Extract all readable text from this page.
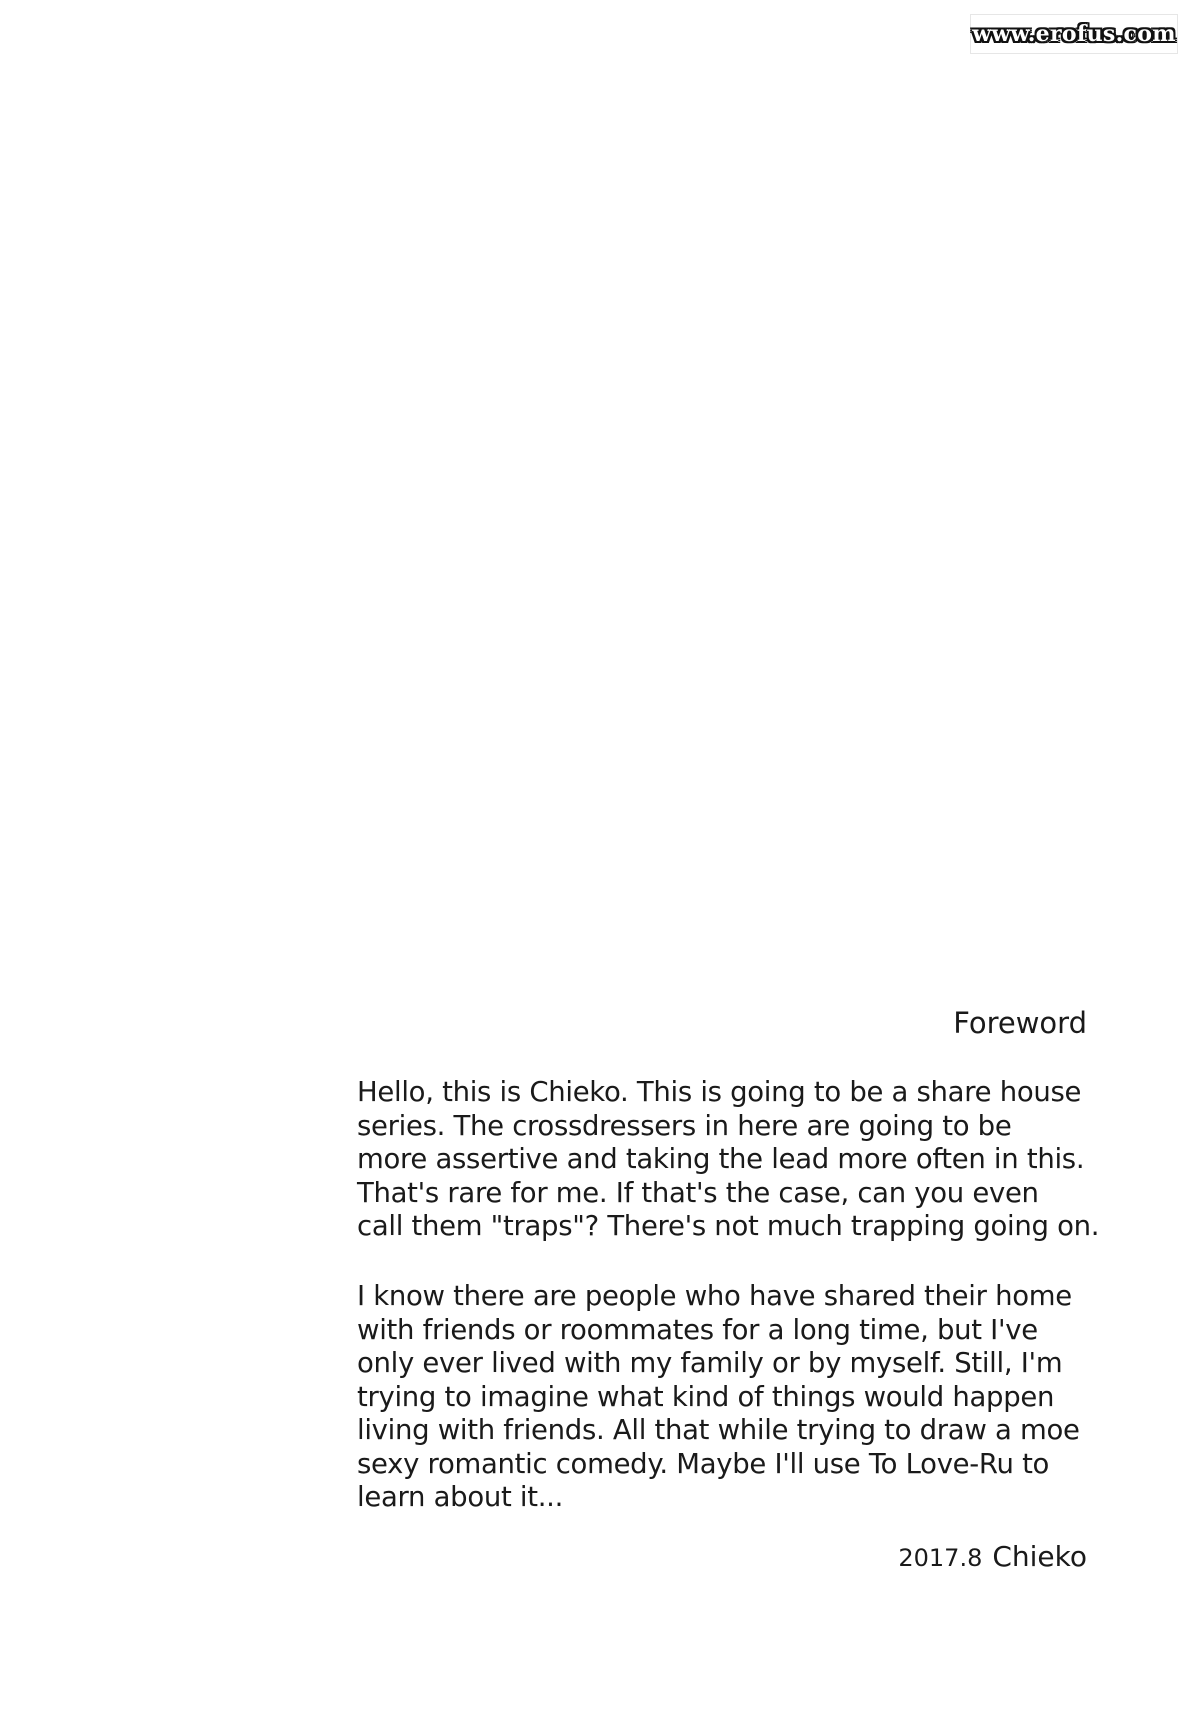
www.erofus.com
Foreword

Hello, this is Chieko. This is going to be a share house
series. The crossdressers in here are going to be
more assertive and taking the lead more often in this.
That's rare for me. If that's the case, can you even
call them "traps"? There's not much trapping going on.

I know there are people who have shared their home
with friends or roommates for a long time, but I've
only ever lived with my family or by myself. Still, I'm
trying to imagine what kind of things would happen
living with friends. All that while trying to draw a moe
sexy romantic comedy. Maybe I'll use To Love-Ru to
learn about it...

2017.8 Chieko
